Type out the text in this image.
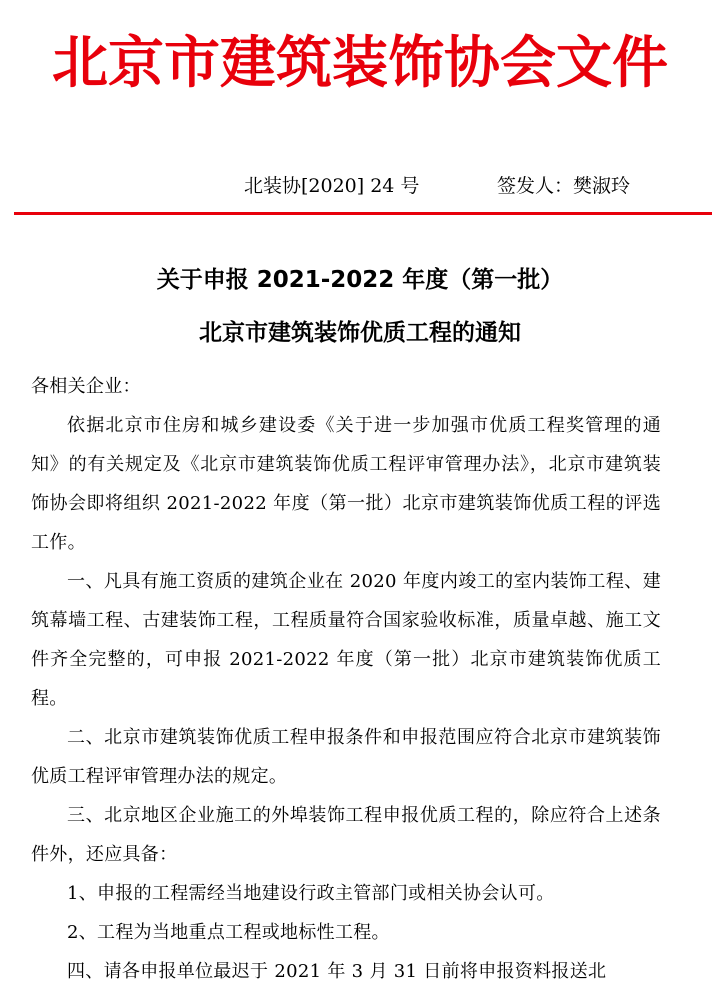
北京市建筑装饰协会文件
北装协[2020] 24 号	签发人：樊淑玲
关于申报 2021-2022 年度（第一批）
北京市建筑装饰优质工程的通知

各相关企业：

依据北京市住房和城乡建设委《关于进一步加强市优质工程奖管理的通知》的有关规定及《北京市建筑装饰优质工程评审管理办法》，北京市建筑装饰协会即将组织 2021-2022 年度（第一批）北京市建筑装饰优质工程的评选工作。

一、凡具有施工资质的建筑企业在 2020 年度内竣工的室内装饰工程、建筑幕墙工程、古建装饰工程，工程质量符合国家验收标准，质量卓越、施工文件齐全完整的，可申报 2021-2022 年度（第一批）北京市建筑装饰优质工程。

二、北京市建筑装饰优质工程申报条件和申报范围应符合北京市建筑装饰优质工程评审管理办法的规定。

三、北京地区企业施工的外埠装饰工程申报优质工程的，除应符合上述条件外，还应具备：

1、申报的工程需经当地建设行政主管部门或相关协会认可。

2、工程为当地重点工程或地标性工程。

四、请各申报单位最迟于 2021 年 3 月 31 日前将申报资料报送北
